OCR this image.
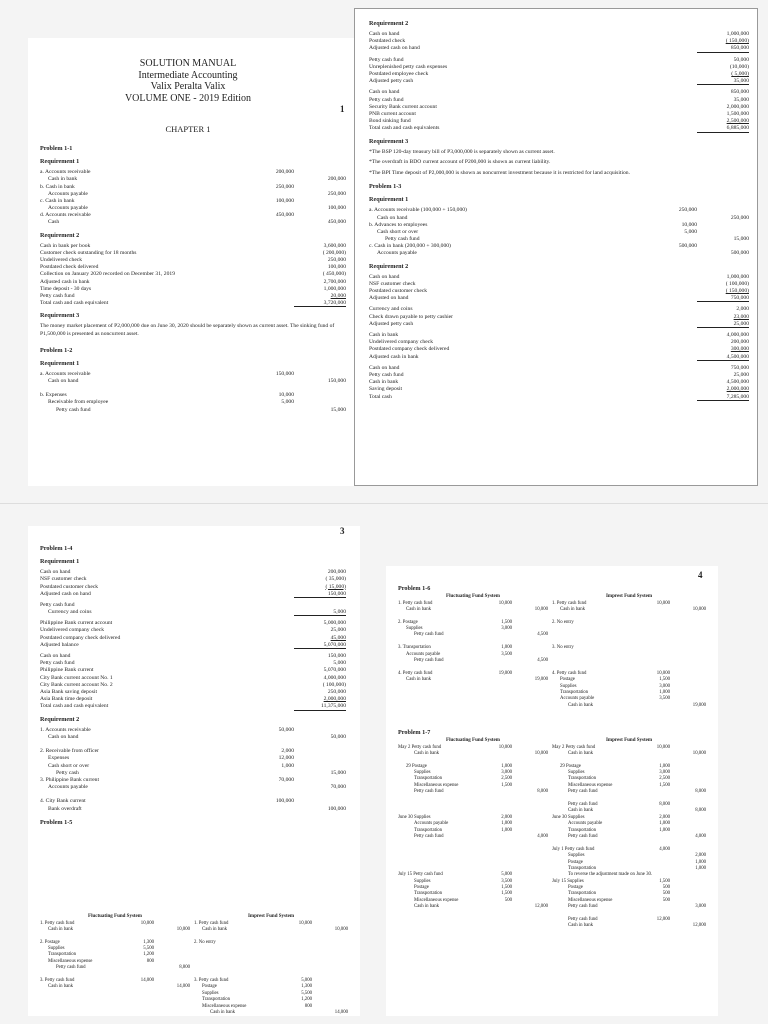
SOLUTION MANUAL
Intermediate Accounting
Valix Peralta Valix
VOLUME ONE - 2019 Edition
1
CHAPTER 1
Problem 1-1
Requirement 1
a. Accounts receivable	200,000
Cash in bank	200,000
b. Cash in bank	250,000
Accounts payable	250,000
c. Cash in bank	100,000
Accounts payable	100,000
d. Accounts receivable	450,000
Cash	450,000
Requirement 2
Cash in bank per book	3,600,000
Customer check outstanding for 18 months	( 200,000)
Undelivered check	250,000
Postdated check delivered	100,000
Collection on January 2020 recorded on December 31, 2019	( 450,000)
Adjusted cash in bank	2,700,000
Time deposit - 30 days	1,000,000
Petty cash fund	20,000
Total cash and cash equivalent	3,720,000
Requirement 3
The money market placement of P2,000,000 due on June 30, 2020 should be separately shown as current asset. The sinking fund of P1,500,000 is presented as noncurrent asset.
Problem 1-2
Requirement 1
a. Accounts receivable	150,000
Cash on hand	150,000
b. Expenses	10,000
Receivable from employee	5,000
Petty cash fund	15,000
Requirement 2
Cash on hand	1,000,000
Postdated check	( 150,000)
Adjusted cash on hand	850,000
Petty cash fund	50,000
Unreplenished petty cash expenses	(10,000)
Postdated employee check	( 5,000)
Adjusted petty cash	35,000
Cash on hand	850,000
Petty cash fund	35,000
Security Bank current account	2,000,000
PNB current account	1,500,000
Bond sinking fund	2,500,000
Total cash and cash equivalents	6,885,000
Requirement 3
*The BSP 120-day treasury bill of P3,000,000 is separately shown as current asset.
*The overdraft in BDO current account of P200,000 is shown as current liability.
*The BPI Time deposit of P2,000,000 is shown as noncurrent investment because it is restricted for land acquisition.
Problem 1-3
Requirement 1
a. Accounts receivable (100,000 + 150,000)	250,000
Cash on hand	250,000
b. Advances to employees	10,000
Cash short or over	5,000
Petty cash fund	15,000
c. Cash in bank (200,000 + 300,000)	500,000
Accounts payable	500,000
Requirement 2
Cash on hand	1,000,000
NSF customer check	( 100,000)
Postdated customer check	( 150,000)
Adjusted on hand	750,000
Currency and coins	2,000
Check drawn payable to petty cashier	23,000
Adjusted petty cash	25,000
Cash in bank	4,000,000
Undelivered company check	200,000
Postdated company check delivered	300,000
Adjusted cash in bank	4,500,000
Cash on hand	750,000
Petty cash fund	25,000
Cash in bank	4,500,000
Saving deposit	2,000,000
Total cash	7,285,000
3
Problem 1-4
Requirement 1
Cash on hand	200,000
NSF customer check	( 35,000)
Postdated customer check	( 15,000)
Adjusted cash on hand	150,000
Petty cash fund
Currency and coins	5,000
Philippine Bank current account	5,000,000
Undelivered company check	25,000
Postdated company check delivered	45,000
Adjusted balance	5,070,000
Cash on hand	150,000
Petty cash fund	5,000
Philippine Bank current	5,070,000
City Bank current account No. 1	4,000,000
City Bank current account No. 2	( 100,000)
Asia Bank saving deposit	250,000
Asia Bank time deposit	2,000,000
Total cash and cash equivalent	11,375,000
Requirement 2
1. Accounts receivable	50,000
Cash on hand	50,000
2. Receivable from officer	2,000
Expenses	12,000
Cash short or over	1,000
Petty cash	15,000
3. Philippine Bank current	70,000
Accounts payable	70,000
4. City Bank current	100,000
Bank overdraft	100,000
Problem 1-5
Fluctuating Fund System
1. Petty cash fund	10,000
Cash in bank	10,000
2. Postage	1,300
Supplies	5,500
Transportation	1,200
Miscellaneous expense	800
Petty cash fund	8,800
3. Petty cash fund	14,000
Cash in bank	14,000
Imprest Fund System
1. Petty cash fund	10,000
Cash in bank	10,000
2. No entry
3. Petty cash fund	5,000
Postage	1,300
Supplies	5,500
Transportation	1,200
Miscellaneous expense	800
Cash in bank	14,000
4
Problem 1-6
Fluctuating Fund System
1. Petty cash fund	10,000
Cash in bank	10,000
2. Postage	1,500
Supplies	3,000
Petty cash fund	4,500
3. Transportation	1,000
Accounts payable	3,500
Petty cash fund	4,500
4. Petty cash fund	19,000
Cash in bank	19,000
Imprest Fund System
1. Petty cash fund	10,000
Cash in bank	10,000
2. No entry
3. No entry
4. Petty cash fund	10,000
Postage	1,500
Supplies	3,000
Transportation	1,000
Accounts payable	3,500
Cash in bank	19,000
Problem 1-7
Fluctuating Fund System
May 2 Petty cash fund	10,000
Cash in bank	10,000
29 Postage	1,000
Supplies	3,000
Transportation	2,500
Miscellaneous expense	1,500
Petty cash fund	8,000
June 30 Supplies	2,000
Accounts payable	1,000
Transportation	1,000
Petty cash fund	4,000
July 15 Petty cash fund	5,000
Supplies	3,500
Postage	1,500
Transportation	1,500
Miscellaneous expense	500
Cash in bank	12,000
Imprest Fund System
May 2 Petty cash fund	10,000
Cash in bank	10,000
29 Postage	1,000
Supplies	3,000
Transportation	2,500
Miscellaneous expense	1,500
Petty cash fund	8,000
Petty cash fund	8,000
Cash in bank	8,000
June 30 Supplies	2,000
Accounts payable	1,000
Transportation	1,000
Petty cash fund	4,000
July 1 Petty cash fund	4,000
Supplies	2,000
Postage	1,000
Transportation	1,000
To reverse the adjustment made on June 30.
July 15 Supplies	1,500
Postage	500
Transportation	500
Miscellaneous expense	500
Petty cash fund	3,000
Petty cash fund	12,000
Cash in bank	12,000
